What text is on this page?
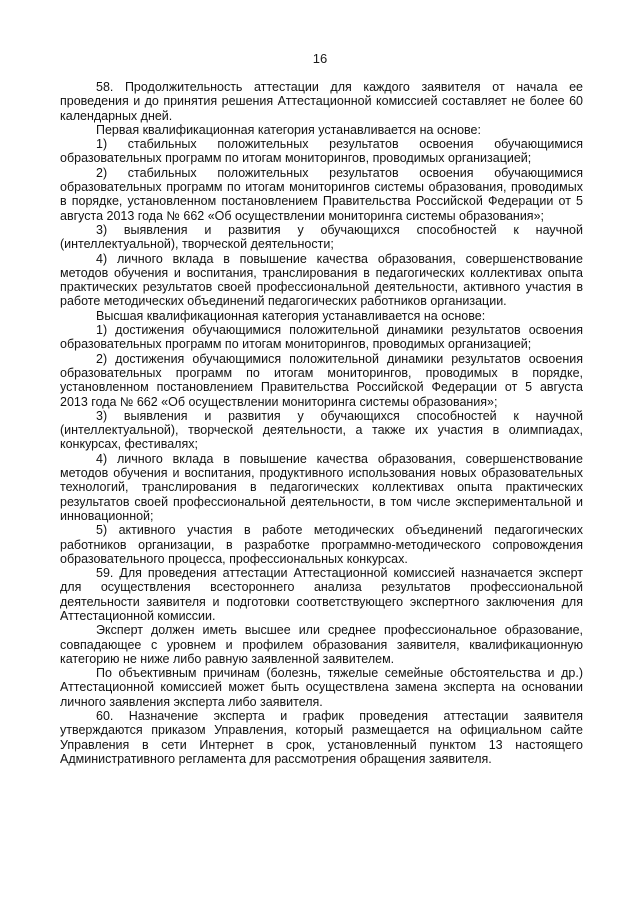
16

58. Продолжительность аттестации для каждого заявителя от начала ее проведения и до принятия решения Аттестационной комиссией составляет не более 60 календарных дней.

Первая квалификационная категория устанавливается на основе:

1) стабильных положительных результатов освоения обучающимися образовательных программ по итогам мониторингов, проводимых организацией;

2) стабильных положительных результатов освоения обучающимися образовательных программ по итогам мониторингов системы образования, проводимых в порядке, установленном постановлением Правительства Российской Федерации от 5 августа 2013 года № 662 «Об осуществлении мониторинга системы образования»;

3) выявления и развития у обучающихся способностей к научной (интеллектуальной), творческой деятельности;

4) личного вклада в повышение качества образования, совершенствование методов обучения и воспитания, транслирования в педагогических коллективах опыта практических результатов своей профессиональной деятельности, активного участия в работе методических объединений педагогических работников организации.

Высшая квалификационная категория устанавливается на основе:

1) достижения обучающимися положительной динамики результатов освоения образовательных программ по итогам мониторингов, проводимых организацией;

2) достижения обучающимися положительной динамики результатов освоения образовательных программ по итогам мониторингов, проводимых в порядке, установленном постановлением Правительства Российской Федерации от 5 августа 2013 года № 662 «Об осуществлении мониторинга системы образования»;

3) выявления и развития у обучающихся способностей к научной (интеллектуальной), творческой деятельности, а также их участия в олимпиадах, конкурсах, фестивалях;

4) личного вклада в повышение качества образования, совершенствование методов обучения и воспитания, продуктивного использования новых образовательных технологий, транслирования в педагогических коллективах опыта практических результатов своей профессиональной деятельности, в том числе экспериментальной и инновационной;

5) активного участия в работе методических объединений педагогических работников организации, в разработке программно-методического сопровождения образовательного процесса, профессиональных конкурсах.

59. Для проведения аттестации Аттестационной комиссией назначается эксперт для осуществления всестороннего анализа результатов профессиональной деятельности заявителя и подготовки соответствующего экспертного заключения для Аттестационной комиссии.

Эксперт должен иметь высшее или среднее профессиональное образование, совпадающее с уровнем и профилем образования заявителя, квалификационную категорию не ниже либо равную заявленной заявителем.

По объективным причинам (болезнь, тяжелые семейные обстоятельства и др.) Аттестационной комиссией может быть осуществлена замена эксперта на основании личного заявления эксперта либо заявителя.

60. Назначение эксперта и график проведения аттестации заявителя утверждаются приказом Управления, который размещается на официальном сайте Управления в сети Интернет в срок, установленный пунктом 13 настоящего Административного регламента для рассмотрения обращения заявителя.
